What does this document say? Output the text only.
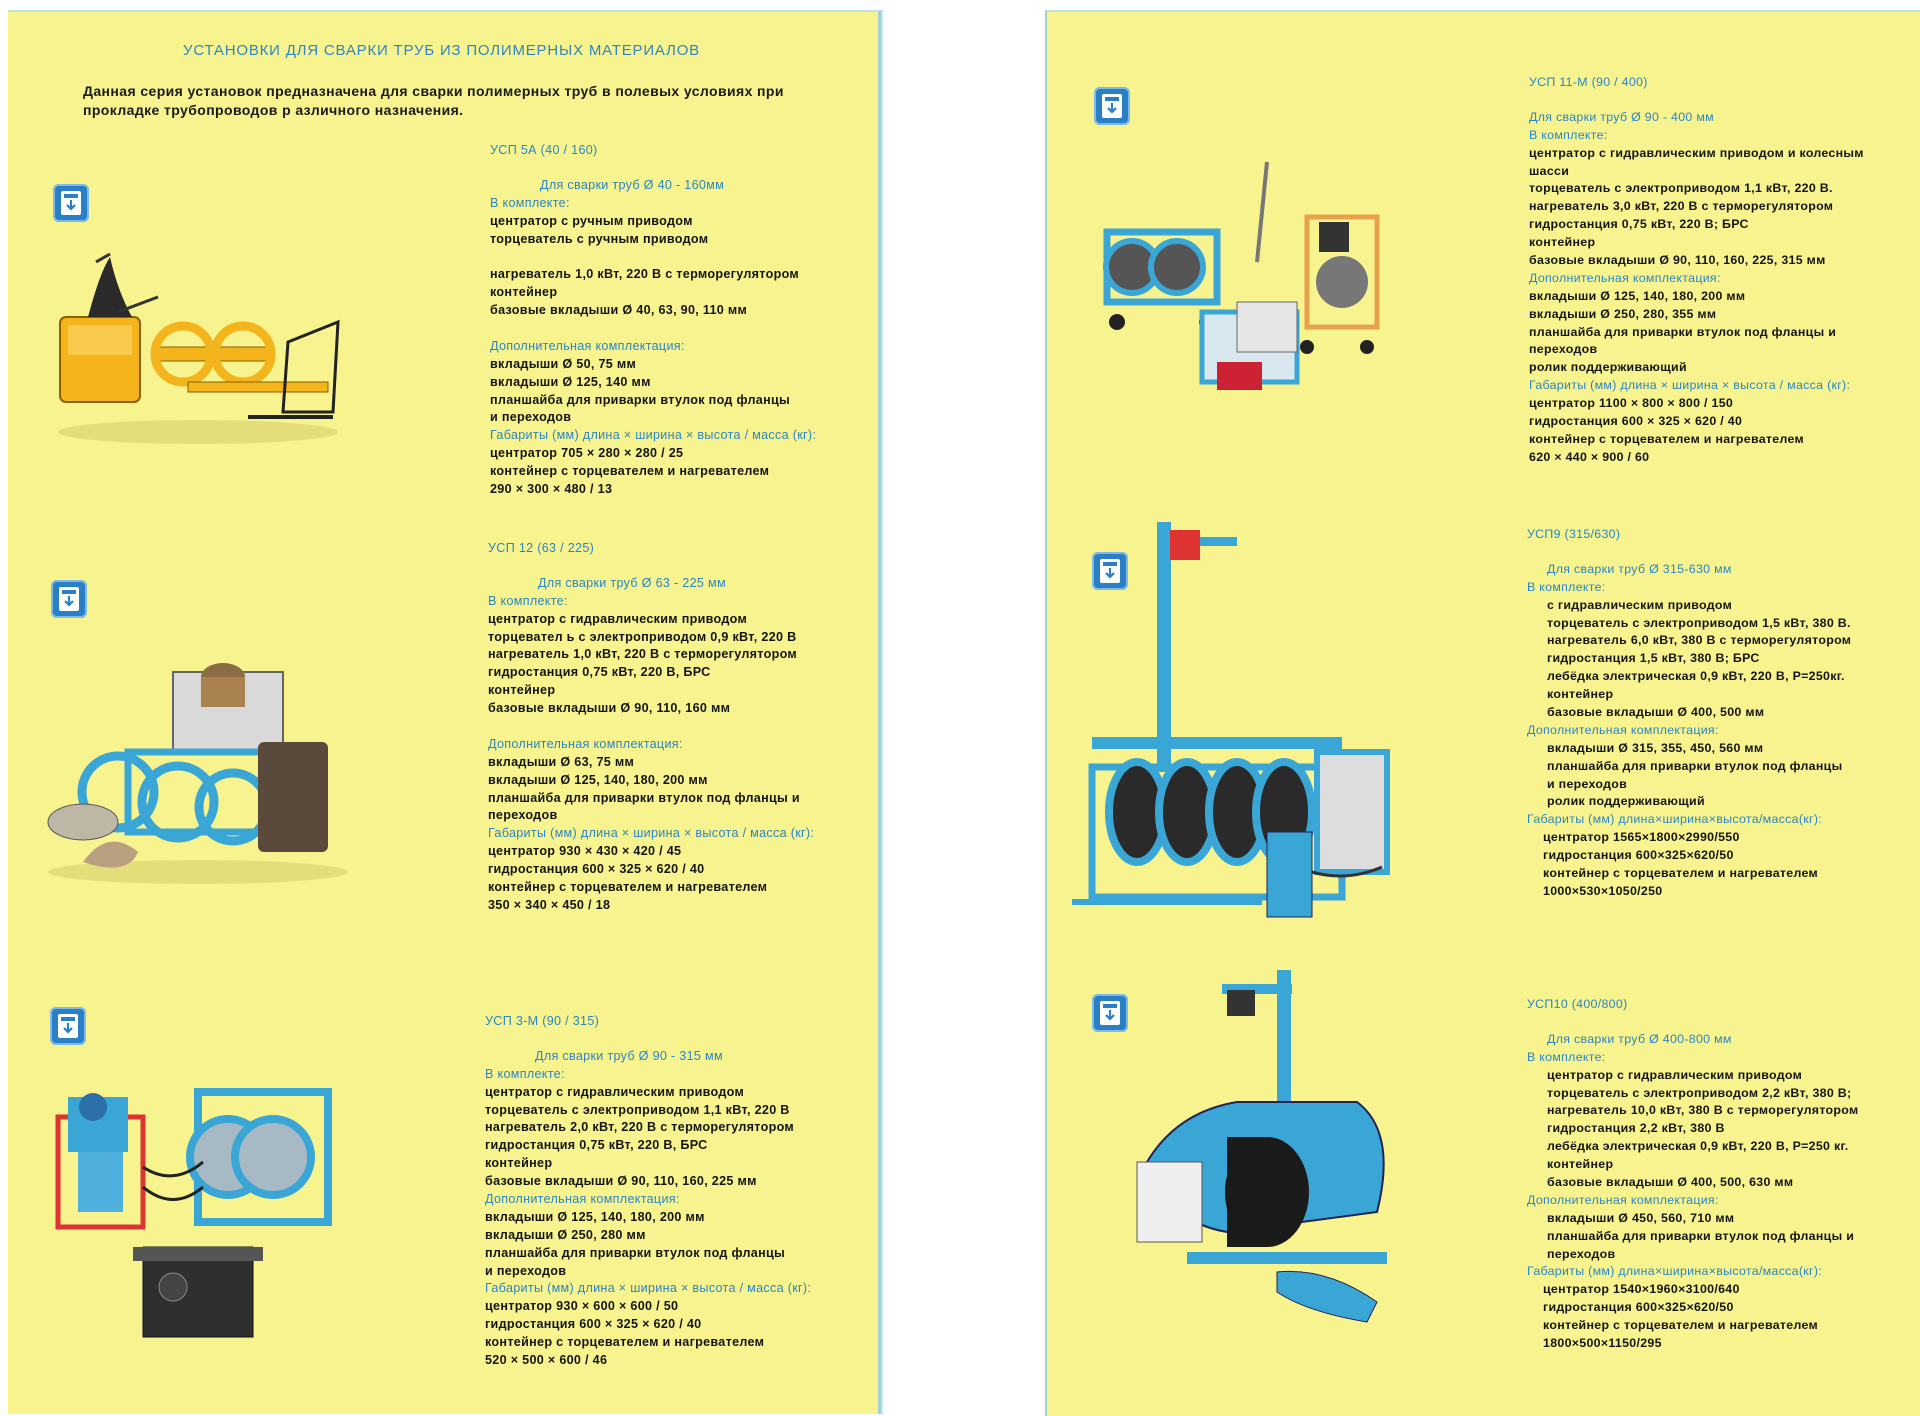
УСТАНОВКИ ДЛЯ СВАРКИ ТРУБ ИЗ ПОЛИМЕРНЫХ МАТЕРИАЛОВ
Данная серия установок предназначена для сварки полимерных труб в полевых условиях при прокладке трубопроводов р азличного назначения.
УСП 5А (40 / 160)
Для сварки труб Ø 40 - 160мм
В комплекте:
центратор с ручным приводом
торцеватель с ручным приводом
нагреватель 1,0 кВт, 220 В с терморегулятором
контейнер
базовые вкладыши Ø 40, 63, 90, 110 мм
Дополнительная комплектация:
вкладыши Ø 50, 75 мм
вкладыши Ø 125, 140 мм
планшайба для приварки втулок под фланцы
и переходов
Габариты (мм) длина × ширина × высота / масса (кг):
центратор 705 × 280 × 280 / 25
контейнер с торцевателем и нагревателем
290 × 300 × 480 / 13
УСП 12 (63 / 225)
Для сварки труб Ø 63 - 225 мм
В комплекте:
центратор с гидравлическим приводом
торцевател ь с электроприводом 0,9 кВт, 220 В
нагреватель 1,0 кВт, 220 В с терморегулятором
гидростанция 0,75 кВт, 220 В, БРС
контейнер
базовые вкладыши Ø 90, 110, 160 мм
Дополнительная комплектация:
вкладыши Ø 63, 75 мм
вкладыши Ø 125, 140, 180, 200 мм
планшайба для приварки втулок под фланцы и
переходов
Габариты (мм) длина × ширина × высота / масса (кг):
центратор 930 × 430 × 420 / 45
гидростанция 600 × 325 × 620 / 40
контейнер с торцевателем и нагревателем
350 × 340 × 450 / 18
УСП 3-М (90 / 315)
Для сварки труб Ø 90 - 315 мм
В комплекте:
центратор с гидравлическим приводом
торцеватель с электроприводом 1,1 кВт, 220 В
нагреватель 2,0 кВт, 220 В с терморегулятором
гидростанция 0,75 кВт, 220 В, БРС
контейнер
базовые вкладыши Ø 90, 110, 160, 225 мм
Дополнительная комплектация:
вкладыши Ø 125, 140, 180, 200 мм
вкладыши Ø 250, 280 мм
планшайба для приварки втулок под фланцы
и переходов
Габариты (мм) длина × ширина × высота / масса (кг):
центратор 930 × 600 × 600 / 50
гидростанция 600 × 325 × 620 / 40
контейнер с торцевателем и нагревателем
520 × 500 × 600 / 46
УСП 11-М (90 / 400)
Для сварки труб Ø 90 - 400 мм
В комплекте:
центратор с гидравлическим приводом и колесным
шасси
торцеватель с электроприводом 1,1 кВт, 220 В.
нагреватель 3,0 кВт, 220 В с терморегулятором
гидростанция 0,75 кВт, 220 В; БРС
контейнер
базовые вкладыши Ø 90, 110, 160, 225, 315 мм
Дополнительная комплектация:
вкладыши Ø 125, 140, 180, 200 мм
вкладыши Ø 250, 280, 355 мм
планшайба для приварки втулок под фланцы и
переходов
ролик поддерживающий
Габариты (мм) длина × ширина × высота / масса (кг):
центратор 1100 × 800 × 800 / 150
гидростанция 600 × 325 × 620 / 40
контейнер с торцевателем и нагревателем
620 × 440 × 900 / 60
УСП9 (315/630)
Для сварки труб Ø 315-630 мм
В комплекте:
с гидравлическим приводом
торцеватель с электроприводом 1,5 кВт, 380 В.
нагреватель 6,0 кВт, 380 В с терморегулятором
гидростанция 1,5 кВт, 380 В; БРС
лебёдка электрическая 0,9 кВт, 220 В, P=250кг.
контейнер
базовые вкладыши Ø 400, 500 мм
Дополнительная комплектация:
вкладыши Ø 315, 355, 450, 560 мм
планшайба для приварки втулок под фланцы
и переходов
ролик поддерживающий
Габариты (мм) длина×ширина×высота/масса(кг):
центратор 1565×1800×2990/550
гидростанция 600×325×620/50
контейнер с торцевателем и нагревателем
1000×530×1050/250
УСП10 (400/800)
Для сварки труб Ø 400-800 мм
В комплекте:
центратор с гидравлическим приводом
торцеватель с электроприводом 2,2 кВт, 380 В;
нагреватель 10,0 кВт, 380 В с терморегулятором
гидростанция 2,2 кВт, 380 В
лебёдка электрическая 0,9 кВт, 220 В, P=250 кг.
контейнер
базовые вкладыши Ø 400, 500, 630 мм
Дополнительная комплектация:
вкладыши Ø 450, 560, 710 мм
планшайба для приварки втулок под фланцы и
переходов
Габариты (мм) длина×ширина×высота/масса(кг):
центратор 1540×1960×3100/640
гидростанция 600×325×620/50
контейнер с торцевателем и нагревателем
1800×500×1150/295
